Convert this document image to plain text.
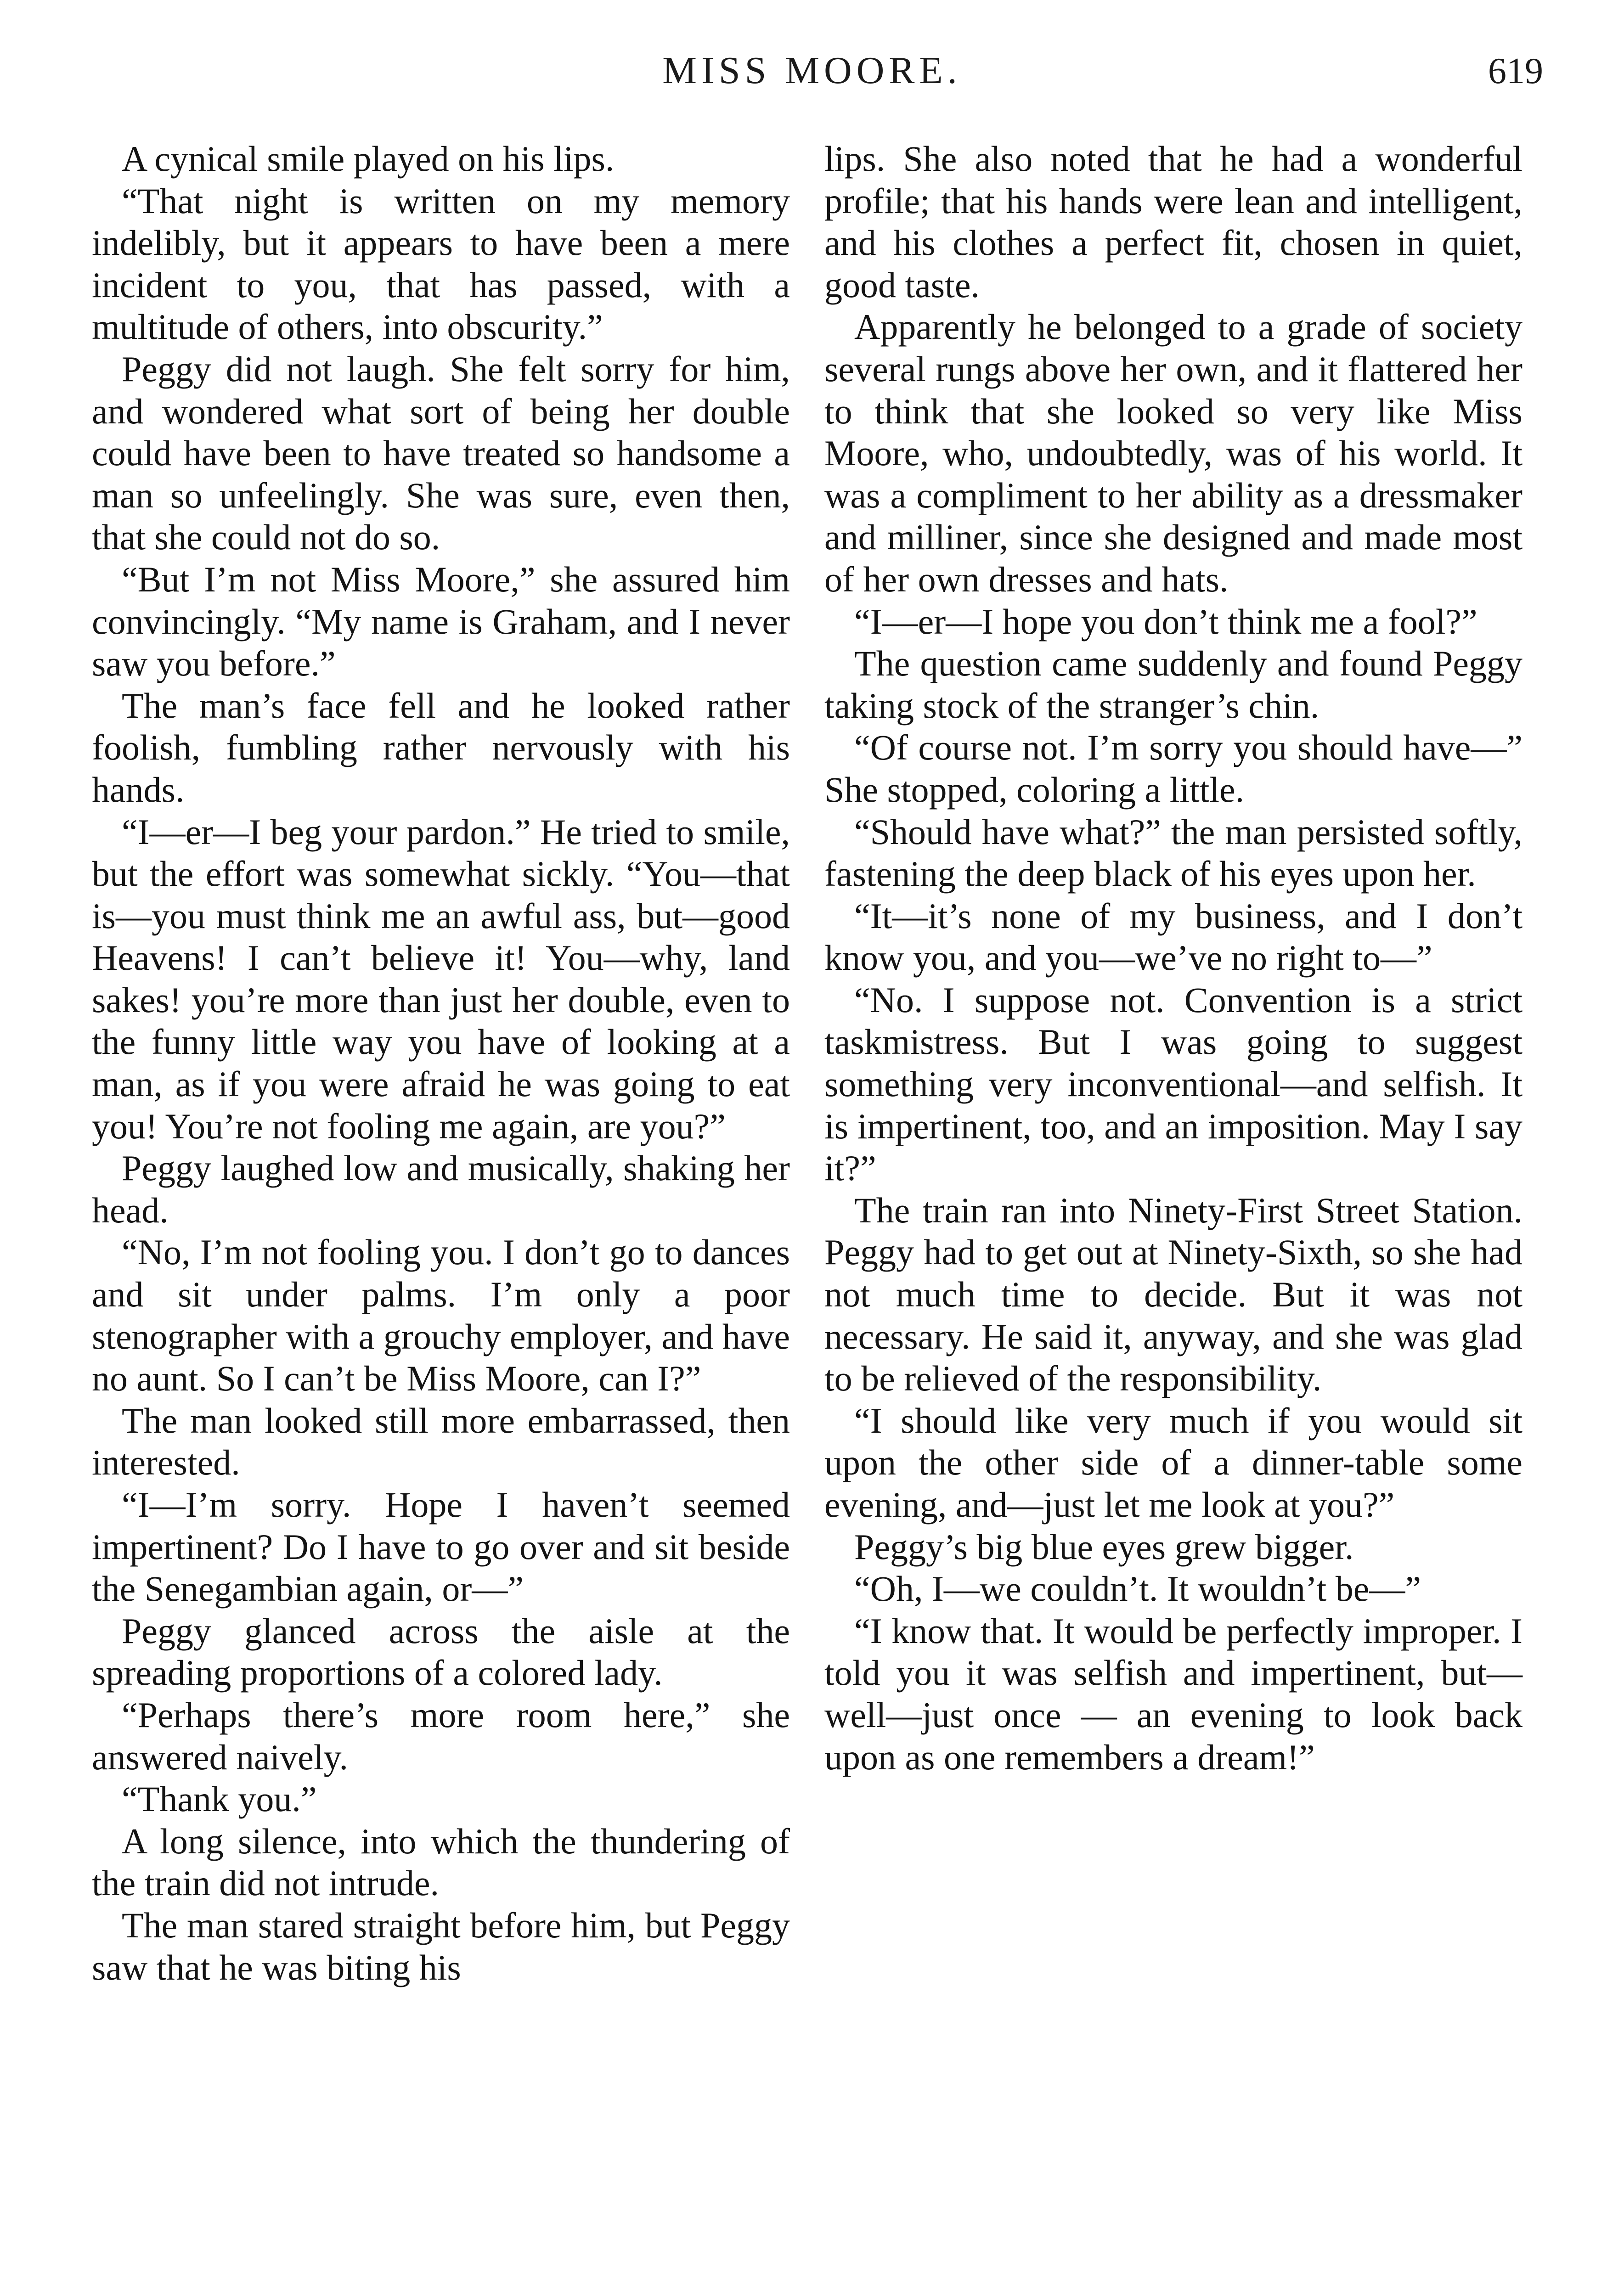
MISS MOORE.	619

A cynical smile played on his lips.

“That night is written on my memory indelibly, but it appears to have been a mere incident to you, that has passed, with a multitude of others, into obscurity.”

Peggy did not laugh. She felt sorry for him, and wondered what sort of being her double could have been to have treated so handsome a man so unfeelingly. She was sure, even then, that she could not do so.

“But I’m not Miss Moore,” she assured him convincingly. “My name is Graham, and I never saw you before.”

The man’s face fell and he looked rather foolish, fumbling rather nervously with his hands.

“I—er—I beg your pardon.” He tried to smile, but the effort was somewhat sickly. “You—that is—you must think me an awful ass, but—good Heavens! I can’t believe it! You—why, land sakes! you’re more than just her double, even to the funny little way you have of looking at a man, as if you were afraid he was going to eat you! You’re not fooling me again, are you?”

Peggy laughed low and musically, shaking her head.

“No, I’m not fooling you. I don’t go to dances and sit under palms. I’m only a poor stenographer with a grouchy employer, and have no aunt. So I can’t be Miss Moore, can I?”

The man looked still more embarrassed, then interested.

“I—I’m sorry. Hope I haven’t seemed impertinent? Do I have to go over and sit beside the Senegambian again, or—”

Peggy glanced across the aisle at the spreading proportions of a colored lady.

“Perhaps there’s more room here,” she answered naively.

“Thank you.”

A long silence, into which the thundering of the train did not intrude.

The man stared straight before him, but Peggy saw that he was biting his

lips. She also noted that he had a wonderful profile; that his hands were lean and intelligent, and his clothes a perfect fit, chosen in quiet, good taste.

Apparently he belonged to a grade of society several rungs above her own, and it flattered her to think that she looked so very like Miss Moore, who, undoubtedly, was of his world. It was a compliment to her ability as a dressmaker and milliner, since she designed and made most of her own dresses and hats.

“I—er—I hope you don’t think me a fool?”

The question came suddenly and found Peggy taking stock of the stranger’s chin.

“Of course not. I’m sorry you should have—” She stopped, coloring a little.

“Should have what?” the man persisted softly, fastening the deep black of his eyes upon her.

“It—it’s none of my business, and I don’t know you, and you—we’ve no right to—”

“No. I suppose not. Convention is a strict taskmistress. But I was going to suggest something very inconventional—and selfish. It is impertinent, too, and an imposition. May I say it?”

The train ran into Ninety-First Street Station. Peggy had to get out at Ninety-Sixth, so she had not much time to decide. But it was not necessary. He said it, anyway, and she was glad to be relieved of the responsibility.

“I should like very much if you would sit upon the other side of a dinner-table some evening, and—just let me look at you?”

Peggy’s big blue eyes grew bigger.

“Oh, I—we couldn’t. It wouldn’t be—”

“I know that. It would be perfectly improper. I told you it was selfish and impertinent, but—well—just once — an evening to look back upon as one remembers a dream!”
